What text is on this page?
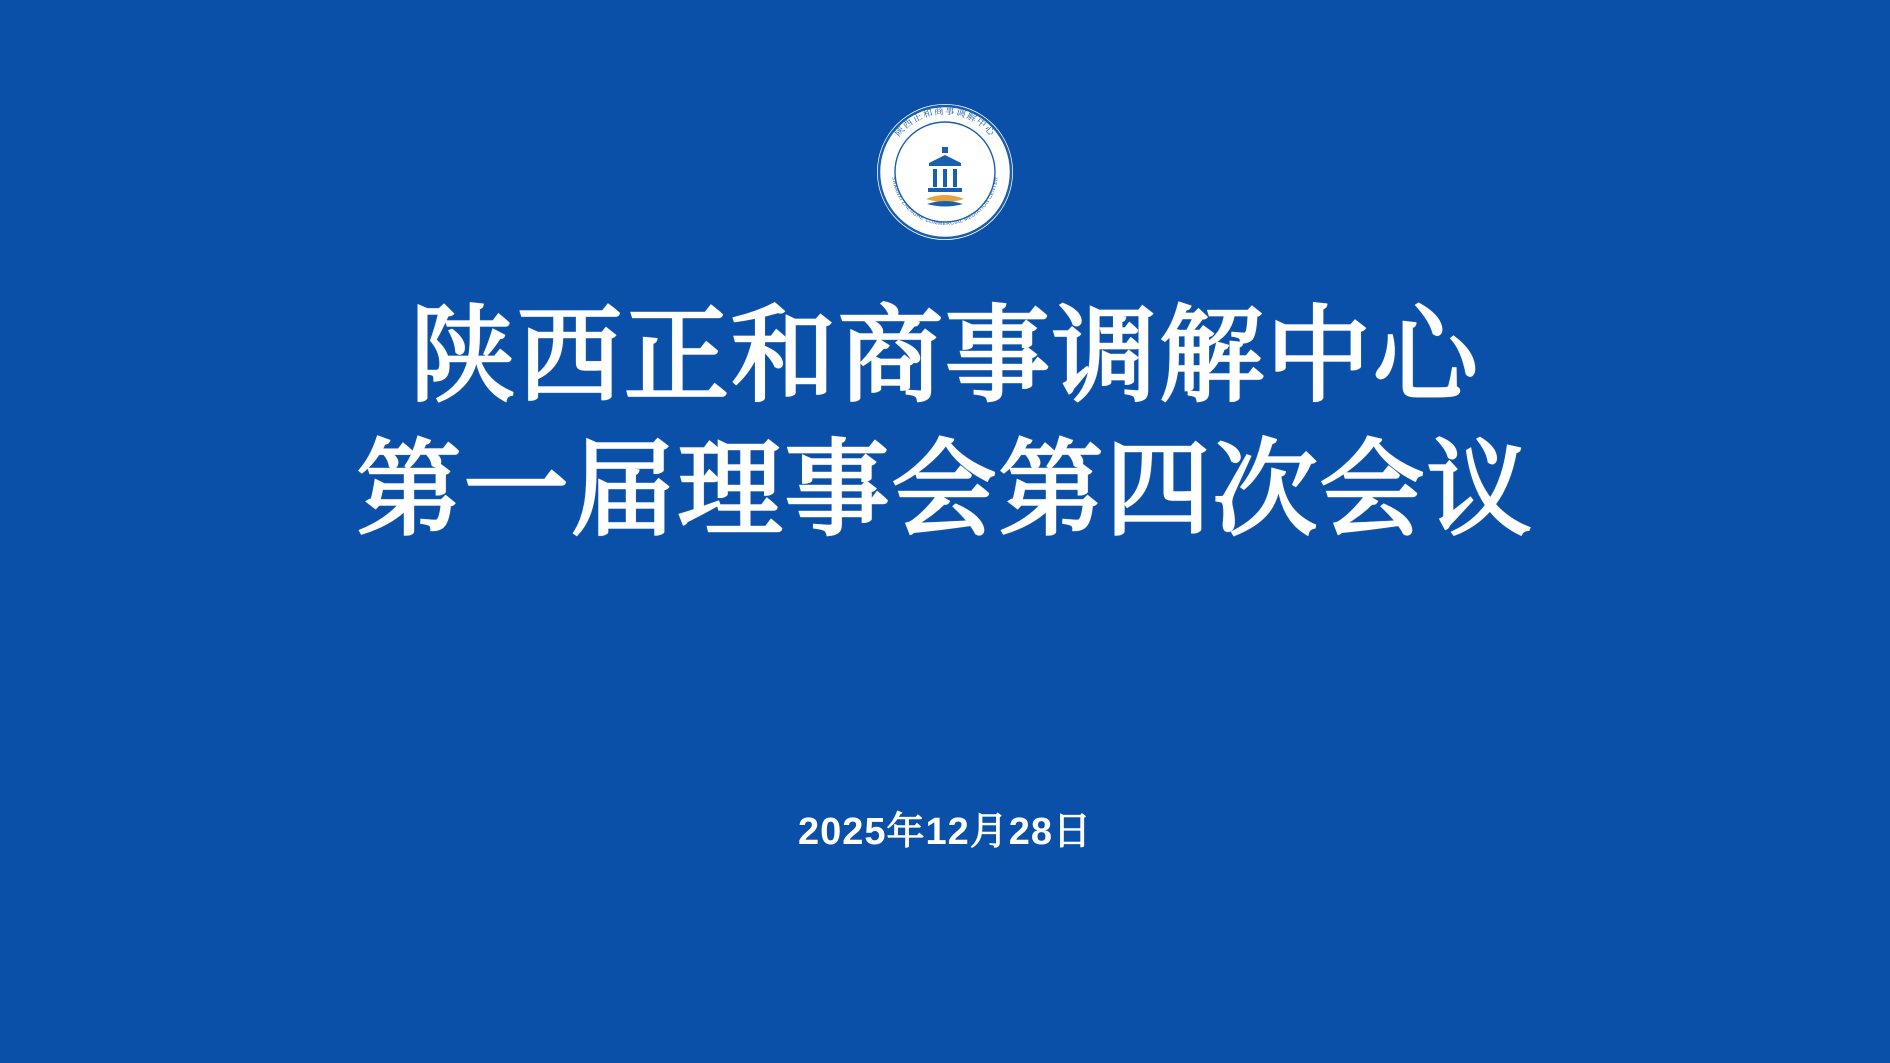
陕西正和商事调解中心
SHAANXI ZHENGHE COMMERCIAL MEDIATION CENTER
陕西正和商事调解中心
第一届理事会第四次会议
2025年12月28日
